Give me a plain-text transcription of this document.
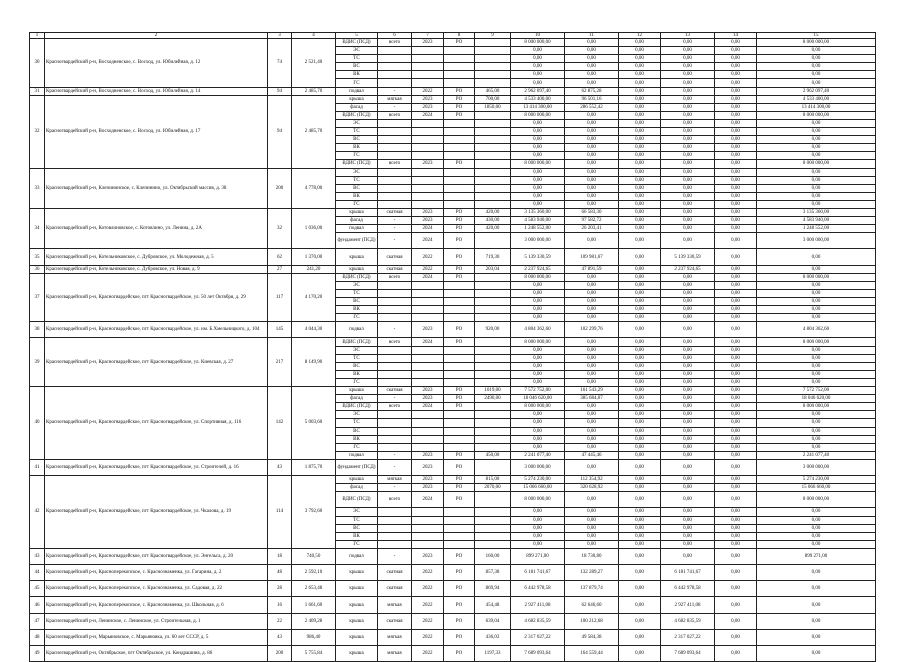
1	2	3	4	5	6	7	8	9	10	11	12	13	14	15
30	Красногвардейский р-н, Восходненское, с. Восход, ул. Юбилейная, д. 12	74	2 521,40	ВДИС (ПСД)	всего	2023	РО		8 000 000,00	0,00	0,00	0,00	0,00	8 000 000,00
				ЭС					0,00	0,00	0,00	0,00	0,00	0,00
				ТС					0,00	0,00	0,00	0,00	0,00	0,00
				ВС					0,00	0,00	0,00	0,00	0,00	0,00
				ВК					0,00	0,00	0,00	0,00	0,00	0,00
				ГС					0,00	0,00	0,00	0,00	0,00	0,00
31	Красногвардейский р-н, Восходненское, с. Восход, ул. Юбилейная, д. 14	94	2 485,70	подвал	-	2022	РО	465,00	2 962 097,40	62 875,28	0,00	0,00	0,00	2 962 097,40
32	Красногвардейский р-н, Восходненское, с. Восход, ул. Юбилейная, д. 17	94	2 485,70	крыша	мягкая	2023	РО	700,00	4 533 400,00	96 501,16	0,00	0,00	0,00	4 533 400,00
				фасад	-	2023	РО	1850,00	13 414 300,00	286 552,42	0,00	0,00	0,00	13 414 300,00
				ВДИС (ПСД)	всего	2024	РО		8 000 000,00	0,00	0,00	0,00	0,00	8 000 000,00
				ЭС					0,00	0,00	0,00	0,00	0,00	0,00
				ТС					0,00	0,00	0,00	0,00	0,00	0,00
				ВС					0,00	0,00	0,00	0,00	0,00	0,00
				ВК					0,00	0,00	0,00	0,00	0,00	0,00
				ГС					0,00	0,00	0,00	0,00	0,00	0,00
				ВДИС (ПСД)	всего	2023	РО		8 000 000,00	0,00	0,00	0,00	0,00	8 000 000,00
33	Красногвардейский р-н, Клепининское, с. Клепинино, ул. Октябрьский массив, д. 38	200	4 778,00	ЭС					0,00	0,00	0,00	0,00	0,00	0,00
				ТС					0,00	0,00	0,00	0,00	0,00	0,00
				ВС					0,00	0,00	0,00	0,00	0,00	0,00
				ВК					0,00	0,00	0,00	0,00	0,00	0,00
				ГС					0,00	0,00	0,00	0,00	0,00	0,00
34	Красногвардейский р-н, Котовлиновское, с. Котовлино, ул. Ленина, д. 2А	32	1 036,00	крыша	скатная	2023	РО	420,00	3 135 360,00	66 583,30	0,00	0,00	0,00	3 135 360,00
				фасад	-	2023	РО	430,00	4 583 940,00	97 582,72	0,00	0,00	0,00	4 583 940,00
				подвал	-	2024	РО	420,00	1 248 552,00	26 203,41	0,00	0,00	0,00	1 248 552,00
				фундамент (ПСД)	-	2024	РО		3 000 000,00	0,00	0,00	0,00	0,00	3 000 000,00
35	Красногвардейский р-н, Котельниковское, с. Дубровское, ул. Молодежная, д. 5	62	1 370,00	крыша	скатная	2022	РО	719,30	5 139 330,59	109 981,67	0,00	5 139 330,59	0,00	0,00
36	Красногвардейский р-н, Котельниковское, с. Дубровское, ул. Новая, д. 9	27	241,20	крыша	скатная	2022	РО	203,04	2 237 924,65	47 891,59	0,00	2 237 924,65	0,00	0,00
37	Красногвардейский р-н, Красногвардейское, пгт Красногвардейское, ул. 50 лет Октября, д. 29	117	4 170,20	ВДИС (ПСД)	всего	2024	РО		8 000 000,00	0,00	0,00	0,00	0,00	8 000 000,00
				ЭС					0,00	0,00	0,00	0,00	0,00	0,00
				ТС					0,00	0,00	0,00	0,00	0,00	0,00
				ВС					0,00	0,00	0,00	0,00	0,00	0,00
				ВК					0,00	0,00	0,00	0,00	0,00	0,00
				ГС					0,00	0,00	0,00	0,00	0,00	0,00
38	Красногвардейский р-н, Красногвардейское, пгт Красногвардейское, ул. им. Б.Хмельницкого, д. 104	145	4 044,30	подвал	-	2023	РО	920,00	4 804 362,60	102 299,76	0,00	0,00	0,00	4 804 362,60
39	Красногвардейский р-н, Красногвардейское, пгт Красногвардейское, ул. Киевская, д. 27	217	8 149,90	ВДИС (ПСД)	всего	2024	РО		8 000 000,00	0,00	0,00	0,00	0,00	8 000 000,00
				ЭС					0,00	0,00	0,00	0,00	0,00	0,00
				ТС					0,00	0,00	0,00	0,00	0,00	0,00
				ВС					0,00	0,00	0,00	0,00	0,00	0,00
				ВК					0,00	0,00	0,00	0,00	0,00	0,00
				ГС					0,00	0,00	0,00	0,00	0,00	0,00
40	Красногвардейский р-н, Красногвардейское, пгт Красногвардейское, ул. Спортивная, д. 116	142	5 003,60	крыша	скатная	2023	РО	1019,00	7 572 752,00	161 543,29	0,00	0,00	0,00	7 572 752,00
				фасад	-	2023	РО	2490,00	18 046 620,00	385 684,07	0,00	0,00	0,00	18 046 620,00
				ВДИС (ПСД)	всего	2024	РО		8 000 000,00	0,00	0,00	0,00	0,00	8 000 000,00
				ЭС					0,00	0,00	0,00	0,00	0,00	0,00
				ТС					0,00	0,00	0,00	0,00	0,00	0,00
				ВС					0,00	0,00	0,00	0,00	0,00	0,00
				ВК					0,00	0,00	0,00	0,00	0,00	0,00
				ГС					0,00	0,00	0,00	0,00	0,00	0,00
				подвал	-	2023	РО	450,00	2 241 077,40	47 445,46	0,00	0,00	0,00	2 241 077,40
41	Красногвардейский р-н, Красногвардейское, пгт Красногвардейское, ул. Строителей, д. 16	43	1 875,70	фундамент (ПСД)	-	2023	РО		3 000 000,00	0,00	0,00	0,00	0,00	3 000 000,00
42	Красногвардейский р-н, Красногвардейское, пгт Красногвардейское, ул. Чкалова, д. 19	114	3 792,60	крыша	мягкая	2023	РО	815,00	5 274 230,00	112 354,92	0,00	0,00	0,00	5 274 230,00
				фасад	-	2023	РО	2070,00	15 066 660,00	320 628,92	0,00	0,00	0,00	15 066 660,00
				ВДИС (ПСД)	всего	2024	РО		8 000 000,00	0,00	0,00	0,00	0,00	8 000 000,00
				ЭС					0,00	0,00	0,00	0,00	0,00	0,00
				ТС					0,00	0,00	0,00	0,00	0,00	0,00
				ВС					0,00	0,00	0,00	0,00	0,00	0,00
				ВК					0,00	0,00	0,00	0,00	0,00	0,00
				ГС					0,00	0,00	0,00	0,00	0,00	0,00
43	Красногвардейский р-н, Красногвардейское, пгт Красногвардейское, ул. Энгельса, д. 20	18	740,50	подвал	-	2023	РО	160,00	899 271,00	18 730,80	0,00	0,00	0,00	899 271,00
44	Красногвардейский р-н, Красноперекопское, с. Краснознаменка, ул. Гагарина, д. 2	48	2 592,10	крыша	скатная	2022	РО	857,38	6 181 741,67	132 289,27	0,00	6 181 741,67	0,00	0,00
45	Красногвардейский р-н, Красноперекопское, с. Краснознаменка, ул. Садовая, д. 22	28	2 653,48	крыша	скатная	2022	РО	869,94	6 442 978,58	137 879,74	0,00	6 442 978,58	0,00	0,00
46	Красногвардейский р-н, Красноперекопское, с. Краснознаменка, ул. Школьная, д. 6	16	1 661,60	крыша	мягкая	2022	РО	454,48	2 927 411,08	62 646,60	0,00	2 927 411,08	0,00	0,00
47	Красногвардейский р-н, Ленинское, с. Ленинское, ул. Строительная, д. 1	22	2 409,28	крыша	скатная	2022	РО	639,04	4 682 835,59	100 212,68	0,00	4 682 835,59	0,00	0,00
48	Красногвардейский р-н, Марьяновское, с. Марьяновка, ул. 60 лет СССР, д. 5	43	986,40	крыша	мягкая	2022	РО	436,03	2 317 027,22	49 584,38	0,00	2 317 027,22	0,00	0,00
49	Красногвардейский р-н, Октябрьское, пгт Октябрьское, ул. Кондрашина, д. 86	200	5 755,84	крыша	мягкая	2022	РО	1197,33	7 689 093,64	164 559,44	0,00	7 689 093,64	0,00	0,00
